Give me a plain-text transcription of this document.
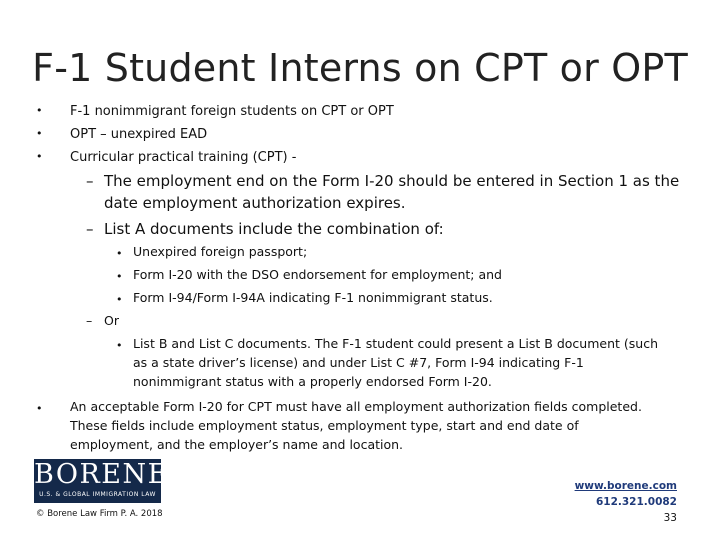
F-1 Student Interns on CPT or OPT
• F-1 nonimmigrant foreign students on CPT or OPT
• OPT – unexpired EAD
• Curricular practical training (CPT) -
– The employment end on the Form I-20 should be entered in Section 1 as the
date employment authorization expires.
– List A documents include the combination of:
• Unexpired foreign passport;
• Form I-20 with the DSO endorsement for employment; and
• Form I-94/Form I-94A indicating F-1 nonimmigrant status.
– Or
• List B and List C documents. The F-1 student could present a List B document (such
as a state driver’s license) and under List C #7, Form I-94 indicating F-1
nonimmigrant status with a properly endorsed Form I-20.
• An acceptable Form I-20 for CPT must have all employment authorization fields completed.
These fields include employment status, employment type, start and end date of
employment, and the employer’s name and location.
BORENE
U.S. & GLOBAL IMMIGRATION LAW
© Borene Law Firm P. A. 2018
www.borene.com
612.321.0082
33
